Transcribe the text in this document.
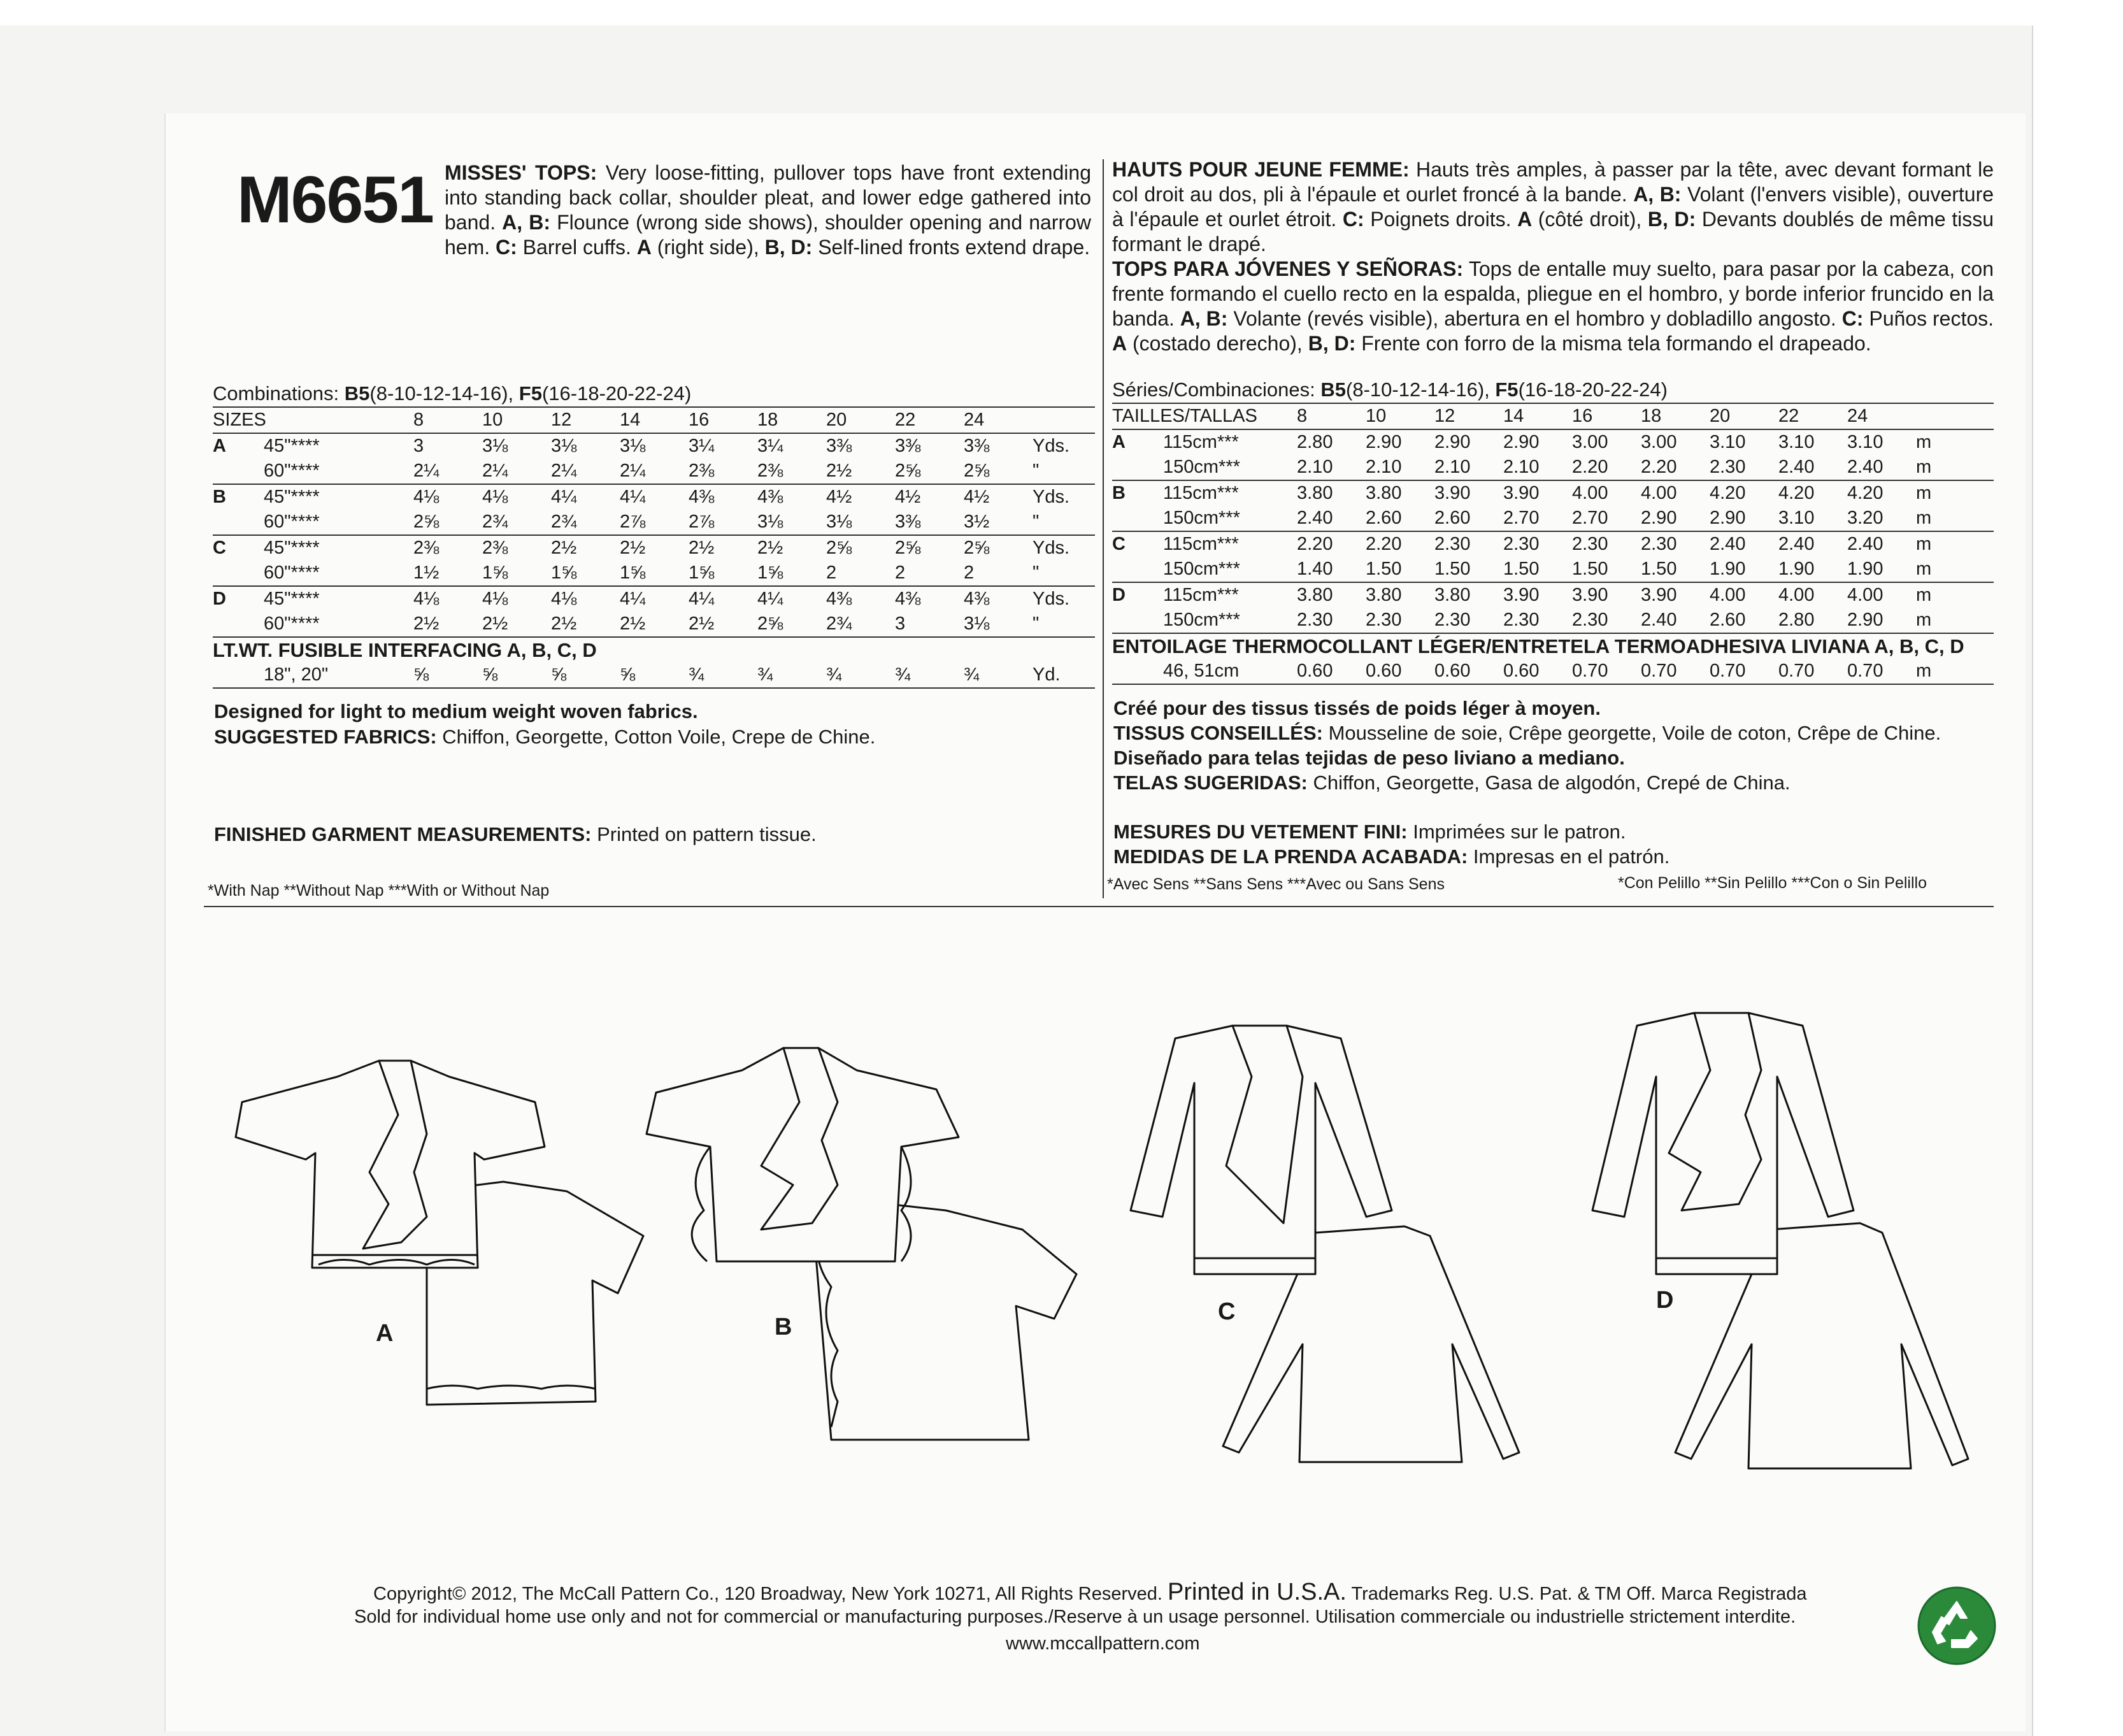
M6651 MISSES' TOPS: Very loose-fitting, pullover tops have front extending into standing back collar, shoulder pleat, and lower edge gathered into band. A, B: Flounce (wrong side shows), shoulder opening and narrow hem. C: Barrel cuffs. A (right side), B, D: Self-lined fronts extend drape.
HAUTS POUR JEUNE FEMME: Hauts très amples, à passer par la tête, avec devant formant le col droit au dos, pli à l'épaule et ourlet froncé à la bande. A, B: Volant (l'envers visible), ouverture à l'épaule et ourlet étroit. C: Poignets droits. A (côté droit), B, D: Devants doublés de même tissu formant le drapé.
TOPS PARA JÓVENES Y SEÑORAS: Tops de entalle muy suelto, para pasar por la cabeza, con frente formando el cuello recto en la espalda, pliegue en el hombro, y borde inferior fruncido en la banda. A, B: Volante (revés visible), abertura en el hombro y dobladillo angosto. C: Puños rectos. A (costado derecho), B, D: Frente con forro de la misma tela formando el drapeado.
Combinations: B5(8-10-12-14-16), F5(16-18-20-22-24)
SIZES		8	10	12	14	16	18	20	22	24	
A	45"****	3	3⅛	3⅛	3⅛	3¼	3¼	3⅜	3⅜	3⅜	Yds.
	60"****	2¼	2¼	2¼	2¼	2⅜	2⅜	2½	2⅝	2⅝	"
B	45"****	4⅛	4⅛	4¼	4¼	4⅜	4⅜	4½	4½	4½	Yds.
	60"****	2⅝	2¾	2¾	2⅞	2⅞	3⅛	3⅛	3⅜	3½	"
C	45"****	2⅜	2⅜	2½	2½	2½	2½	2⅝	2⅝	2⅝	Yds.
	60"****	1½	1⅝	1⅝	1⅝	1⅝	1⅝	2	2	2	"
D	45"****	4⅛	4⅛	4⅛	4¼	4¼	4¼	4⅜	4⅜	4⅜	Yds.
	60"****	2½	2½	2½	2½	2½	2⅝	2¾	3	3⅛	"
LT.WT. FUSIBLE INTERFACING A, B, C, D											
	18", 20"	⅝	⅝	⅝	⅝	¾	¾	¾	¾	¾	Yd.
Séries/Combinaciones: B5(8-10-12-14-16), F5(16-18-20-22-24)
TAILLES/TALLAS		8	10	12	14	16	18	20	22	24	
A	115cm***	2.80	2.90	2.90	2.90	3.00	3.00	3.10	3.10	3.10	m
	150cm***	2.10	2.10	2.10	2.10	2.20	2.20	2.30	2.40	2.40	m
B	115cm***	3.80	3.80	3.90	3.90	4.00	4.00	4.20	4.20	4.20	m
	150cm***	2.40	2.60	2.60	2.70	2.70	2.90	2.90	3.10	3.20	m
C	115cm***	2.20	2.20	2.30	2.30	2.30	2.30	2.40	2.40	2.40	m
	150cm***	1.40	1.50	1.50	1.50	1.50	1.50	1.90	1.90	1.90	m
D	115cm***	3.80	3.80	3.80	3.90	3.90	3.90	4.00	4.00	4.00	m
	150cm***	2.30	2.30	2.30	2.30	2.30	2.40	2.60	2.80	2.90	m
ENTOILAGE THERMOCOLLANT LÉGER/ENTRETELA TERMOADHESIVA LIVIANA A, B, C, D											
	46, 51cm	0.60	0.60	0.60	0.60	0.70	0.70	0.70	0.70	0.70	m
Designed for light to medium weight woven fabrics.
SUGGESTED FABRICS: Chiffon, Georgette, Cotton Voile, Crepe de Chine.
FINISHED GARMENT MEASUREMENTS: Printed on pattern tissue.
*With Nap **Without Nap ***With or Without Nap
Créé pour des tissus tissés de poids léger à moyen.
TISSUS CONSEILLÉS: Mousseline de soie, Crêpe georgette, Voile de coton, Crêpe de Chine.
Diseñado para telas tejidas de peso liviano a mediano.
TELAS SUGERIDAS: Chiffon, Georgette, Gasa de algodón, Crepé de China.
MESURES DU VETEMENT FINI: Imprimées sur le patron.
MEDIDAS DE LA PRENDA ACABADA: Impresas en el patrón.
*Avec Sens **Sans Sens ***Avec ou Sans Sens	*Con Pelillo **Sin Pelillo ***Con o Sin Pelillo
A	B
C	D
Copyright© 2012, The McCall Pattern Co., 120 Broadway, New York 10271, All Rights Reserved. Printed in U.S.A. Trademarks Reg. U.S. Pat. & TM Off. Marca Registrada
Sold for individual home use only and not for commercial or manufacturing purposes./Reserve à un usage personnel. Utilisation commerciale ou industrielle strictement interdite.
www.mccallpattern.com
